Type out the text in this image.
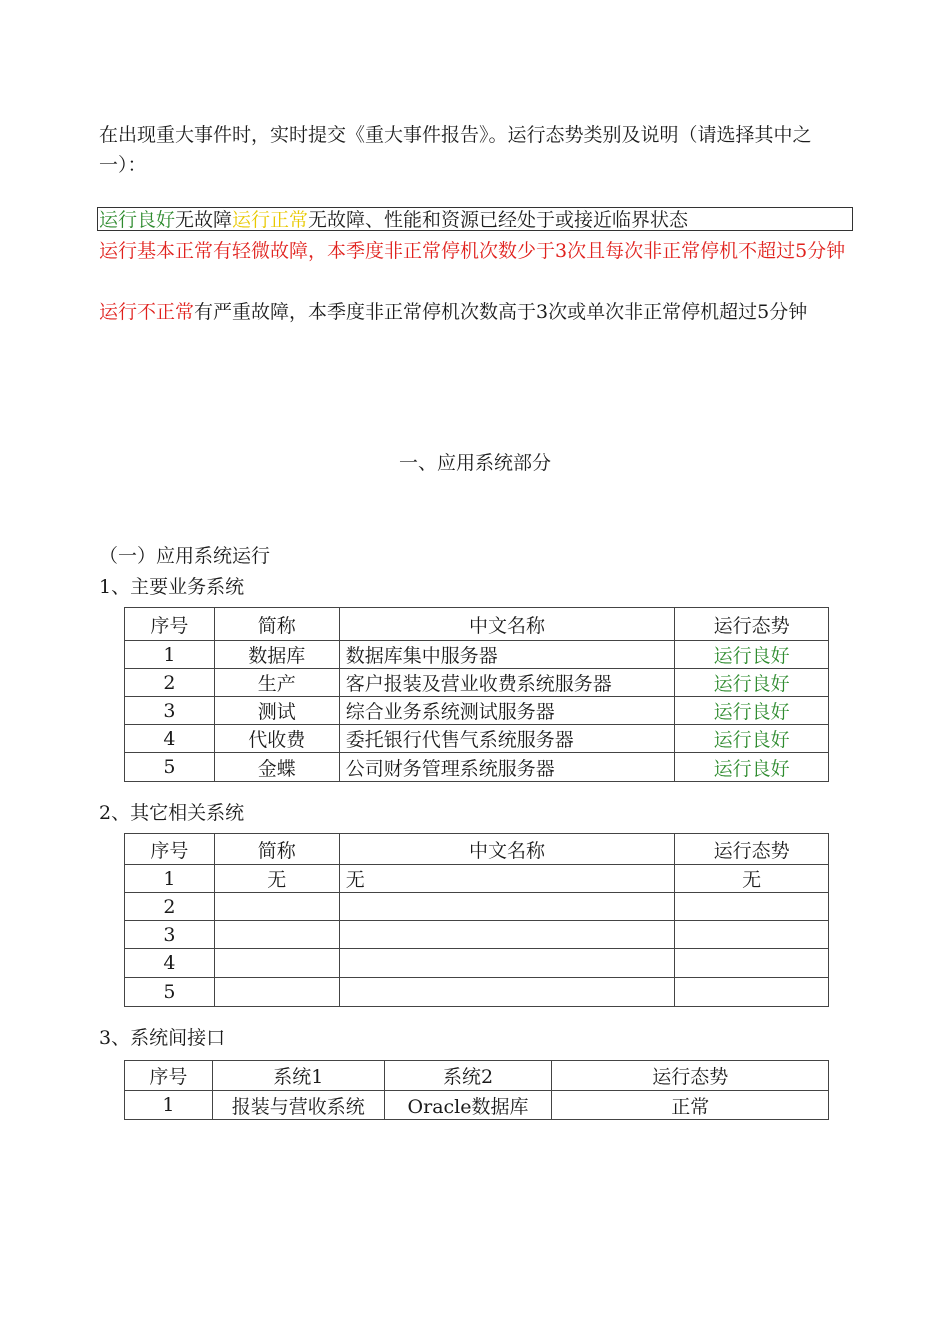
在出现重大事件时，实时提交《重大事件报告》。运行态势类别及说明（请选择其中之一）：
运行良好无故障运行正常无故障、性能和资源已经处于或接近临界状态
运行基本正常有轻微故障，本季度非正常停机次数少于3次且每次非正常停机不超过5分钟
运行不正常有严重故障，本季度非正常停机次数高于3次或单次非正常停机超过5分钟
一、应用系统部分
（一）应用系统运行
1、主要业务系统
序号	简称	中文名称	运行态势
1	数据库	数据库集中服务器	运行良好
2	生产	客户报装及营业收费系统服务器	运行良好
3	测试	综合业务系统测试服务器	运行良好
4	代收费	委托银行代售气系统服务器	运行良好
5	金蝶	公司财务管理系统服务器	运行良好
2、其它相关系统
序号	简称	中文名称	运行态势
1	无	无	无
2			
3			
4			
5			
3、系统间接口
序号	系统1	系统2	运行态势
1	报装与营收系统	Oracle数据库	正常
